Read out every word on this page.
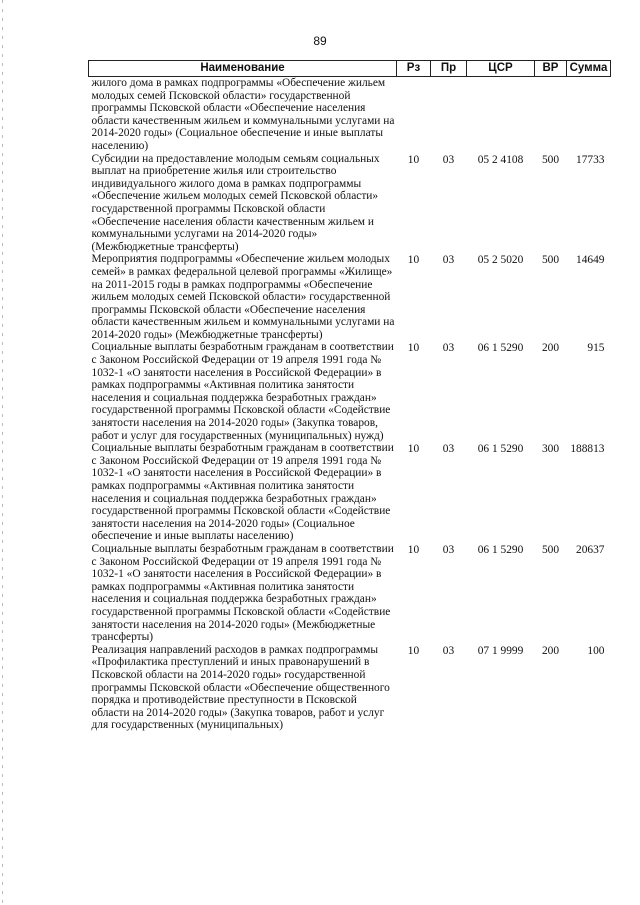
89
Наименование	Рз	Пр	ЦСР	ВР	Сумма
жилого дома в рамках подпрограммы «Обеспечение жильем молодых семей Псковской области» государственной программы Псковской области «Обеспечение населения области качественным жильем и коммунальными услугами на 2014-2020 годы» (Социальное обеспечение и иные выплаты населению)					
Субсидии на предоставление молодым семьям социальных выплат на приобретение жилья или строительство индивидуального жилого дома в рамках подпрограммы «Обеспечение жильем молодых семей Псковской области» государственной программы Псковской области «Обеспечение населения области качественным жильем и коммунальными услугами на 2014-2020 годы» (Межбюджетные трансферты)	10	03	05 2 4108	500	17733
Мероприятия подпрограммы «Обеспечение жильем молодых семей» в рамках федеральной целевой программы «Жилище» на 2011-2015 годы в рамках подпрограммы «Обеспечение жильем молодых семей Псковской области» государственной программы Псковской области «Обеспечение населения области качественным жильем и коммунальными услугами на 2014-2020 годы» (Межбюджетные трансферты)	10	03	05 2 5020	500	14649
Социальные выплаты безработным гражданам в соответствии с Законом Российской Федерации от 19 апреля 1991 года № 1032-1 «О занятости населения в Российской Федерации» в рамках подпрограммы «Активная политика занятости населения и социальная поддержка безработных граждан» государственной программы Псковской области «Содействие занятости населения на 2014-2020 годы» (Закупка товаров, работ и услуг для государственных (муниципальных) нужд)	10	03	06 1 5290	200	915
Социальные выплаты безработным гражданам в соответствии с Законом Российской Федерации от 19 апреля 1991 года № 1032-1 «О занятости населения в Российской Федерации» в рамках подпрограммы «Активная политика занятости населения и социальная поддержка безработных граждан» государственной программы Псковской области «Содействие занятости населения на 2014-2020 годы» (Социальное обеспечение и иные выплаты населению)	10	03	06 1 5290	300	188813
Социальные выплаты безработным гражданам в соответствии с Законом Российской Федерации от 19 апреля 1991 года № 1032-1 «О занятости населения в Российской Федерации» в рамках подпрограммы «Активная политика занятости населения и социальная поддержка безработных граждан» государственной программы Псковской области «Содействие занятости населения на 2014-2020 годы» (Межбюджетные трансферты)	10	03	06 1 5290	500	20637
Реализация направлений расходов в рамках подпрограммы «Профилактика преступлений и иных правонарушений в Псковской области на 2014-2020 годы» государственной программы Псковской области «Обеспечение общественного порядка и противодействие преступности в Псковской области на 2014-2020 годы» (Закупка товаров, работ и услуг для государственных (муниципальных)	10	03	07 1 9999	200	100
